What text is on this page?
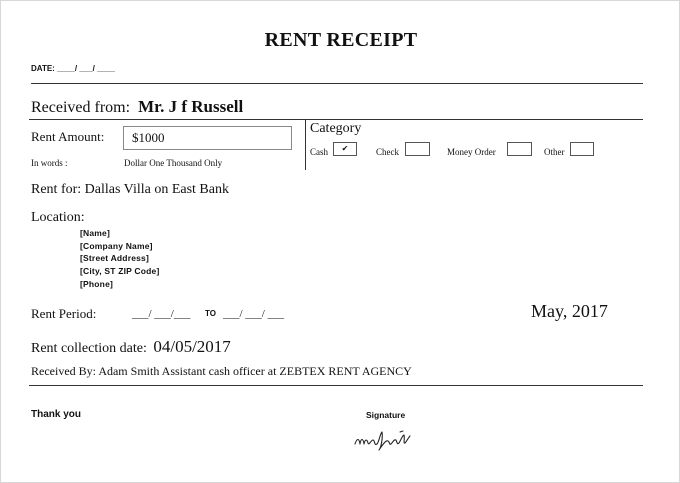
RENT RECEIPT
DATE: ____/ ___/ ____
Received from: Mr. J f Russell
Rent Amount:	$1000
In words :	Dollar One Thousand Only
Category
Cash	✔	Check	Money Order	Other
Rent for: Dallas Villa on East Bank
Location:
[Name]
[Company Name]
[Street Address]
[City, ST ZIP Code]
[Phone]
Rent Period:	___/ ___/___ TO ___/ ___/ ___	May, 2017
Rent collection date: 04/05/2017
Received By: Adam Smith Assistant cash officer at ZEBTEX RENT AGENCY
Thank you	Signature
